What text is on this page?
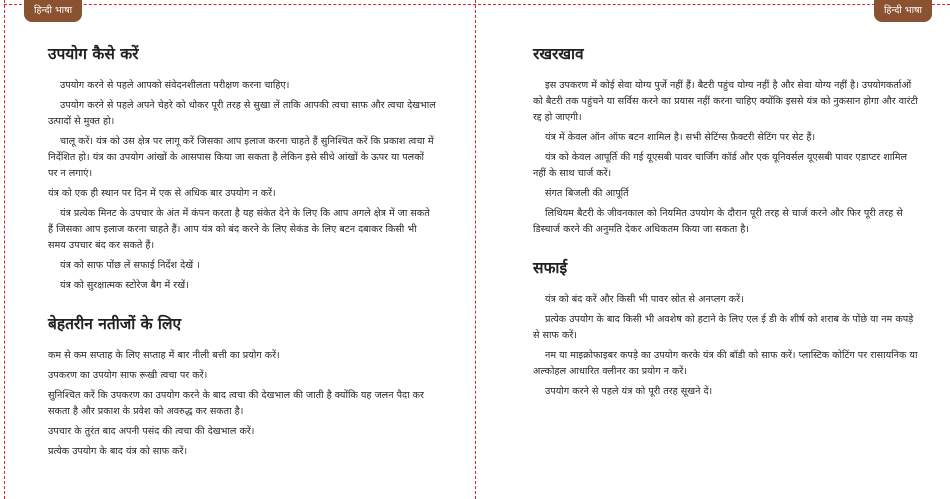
हिन्दी भाषा	हिन्दी भाषा
उपयोग कैसे करें

उपयोग करने से पहले आपको संवेदनशीलता परीक्षण करना चाहिए।

उपयोग करने से पहले अपने चेहरे को धोकर पूरी तरह से सुखा लें ताकि आपकी त्वचा साफ और त्वचा देखभाल उत्पादों से मुक्त हो।

चालू करें। यंत्र को उस क्षेत्र पर लागू करें जिसका आप इलाज करना चाहते हैं सुनिश्चित करें कि प्रकाश त्वचा में निर्देशित हो। यंत्र का उपयोग आंखों के आसपास किया जा सकता है लेकिन इसे सीधे आंखों के ऊपर या पलकों पर न लगाएं।

यंत्र को एक ही स्थान पर दिन में एक से अधिक बार उपयोग न करें।

यंत्र प्रत्येक मिनट के उपचार के अंत में कंपन करता है यह संकेत देने के लिए कि आप अगले क्षेत्र में जा सकते हैं जिसका आप इलाज करना चाहते हैं। आप यंत्र को बंद करने के लिए सेकंड के लिए बटन दबाकर किसी भी समय उपचार बंद कर सकते हैं।

यंत्र को साफ पोंछ लें सफाई निर्देश देखें ।

यंत्र को सुरक्षात्मक स्टोरेज बैग में रखें।

बेहतरीन नतीजों के लिए

कम से कम सप्ताह के लिए सप्ताह में बार नीली बत्ती का प्रयोग करें।

उपकरण का उपयोग साफ रूखी त्वचा पर करें।

सुनिश्चित करें कि उपकरण का उपयोग करने के बाद त्वचा की देखभाल की जाती है क्योंकि यह जलन पैदा कर सकता है और प्रकाश के प्रवेश को अवरुद्ध कर सकता है।

उपचार के तुरंत बाद अपनी पसंद की त्वचा की देखभाल करें।

प्रत्येक उपयोग के बाद यंत्र को साफ करें।

रखरखाव

इस उपकरण में कोई सेवा योग्य पुर्जे नहीं हैं। बैटरी पहुंच योग्य नहीं है और सेवा योग्य नहीं है। उपयोगकर्ताओं को बैटरी तक पहुंचने या सर्विस करने का प्रयास नहीं करना चाहिए क्योंकि इससे यंत्र को नुकसान होगा और वारंटी रद्द हो जाएगी।

यंत्र में केवल ऑन ऑफ बटन शामिल है। सभी सेटिंग्स फ़ैक्टरी सेटिंग पर सेट हैं।

यंत्र को केवल आपूर्ति की गई यूएसबी पावर चार्जिंग कॉर्ड और एक यूनिवर्सल यूएसबी पावर एडाप्टर शामिल नहीं के साथ चार्ज करें।

संगत बिजली की आपूर्ति

लिथियम बैटरी के जीवनकाल को नियमित उपयोग के दौरान पूरी तरह से चार्ज करने और फिर पूरी तरह से डिस्चार्ज करने की अनुमति देकर अधिकतम किया जा सकता है।

सफाई

यंत्र को बंद करें और किसी भी पावर स्रोत से अनप्लग करें।

प्रत्येक उपयोग के बाद किसी भी अवशेष को हटाने के लिए एल ई डी के शीर्ष को शराब के पोंछे या नम कपड़े से साफ करें।

नम या माइक्रोफाइबर कपड़े का उपयोग करके यंत्र की बॉडी को साफ करें। प्लास्टिक कोटिंग पर रासायनिक या अल्कोहल आधारित क्लीनर का प्रयोग न करें।

उपयोग करने से पहले यंत्र को पूरी तरह सूखने दें।
